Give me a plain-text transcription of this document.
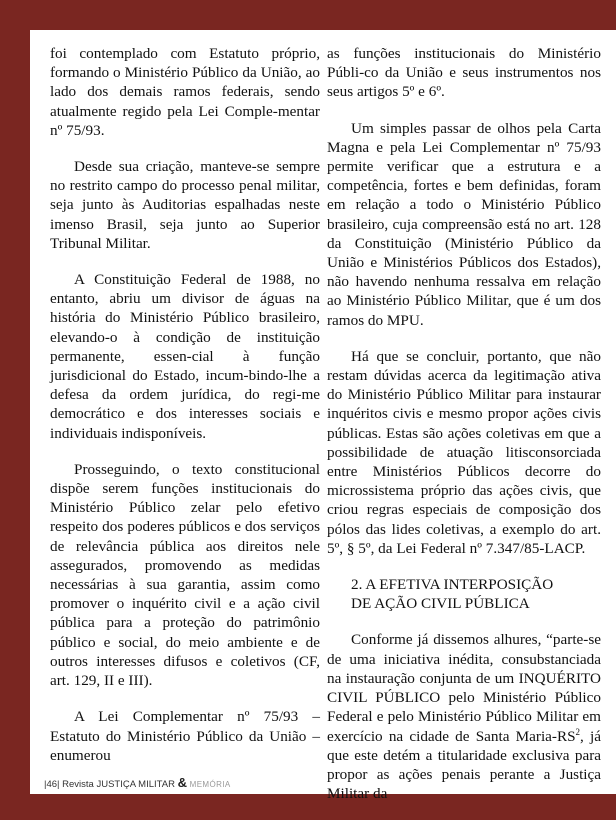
foi contemplado com Estatuto próprio, formando o Ministério Público da União, ao lado dos demais ramos federais, sendo atualmente regido pela Lei Comple-mentar nº 75/93.

Desde sua criação, manteve-se sempre no restrito campo do processo penal militar, seja junto às Auditorias espalhadas neste imenso Brasil, seja junto ao Superior Tribunal Militar.

A Constituição Federal de 1988, no entanto, abriu um divisor de águas na história do Ministério Público brasileiro, elevando-o à condição de instituição permanente, essen-cial à função jurisdicional do Estado, incum-bindo-lhe a defesa da ordem jurídica, do regi-me democrático e dos interesses sociais e individuais indisponíveis.

Prosseguindo, o texto constitucional dispõe serem funções institucionais do Ministério Público zelar pelo efetivo respeito dos poderes públicos e dos serviços de relevância pública aos direitos nele assegurados, promovendo as medidas necessárias à sua garantia, assim como promover o inquérito civil e a ação civil pública para a proteção do patrimônio público e social, do meio ambiente e de outros interesses difusos e coletivos (CF, art. 129, II e III).

A Lei Complementar nº 75/93 – Estatuto do Ministério Público da União – enumerou

as funções institucionais do Ministério Públi-co da União e seus instrumentos nos seus artigos 5º e 6º.

Um simples passar de olhos pela Carta Magna e pela Lei Complementar nº 75/93 permite verificar que a estrutura e a competência, fortes e bem definidas, foram em relação a todo o Ministério Público brasileiro, cuja compreensão está no art. 128 da Constituição (Ministério Público da União e Ministérios Públicos dos Estados), não havendo nenhuma ressalva em relação ao Ministério Público Militar, que é um dos ramos do MPU.

Há que se concluir, portanto, que não restam dúvidas acerca da legitimação ativa do Ministério Público Militar para instaurar inquéritos civis e mesmo propor ações civis públicas. Estas são ações coletivas em que a possibilidade de atuação litisconsorciada entre Ministérios Públicos decorre do microssistema próprio das ações civis, que criou regras especiais de composição dos pólos das lides coletivas, a exemplo do art. 5º, § 5º, da Lei Federal nº 7.347/85-LACP.

2. A EFETIVA INTERPOSIÇÃO
DE AÇÃO CIVIL PÚBLICA

Conforme já dissemos alhures, “parte-se de uma iniciativa inédita, consubstanciada na instauração conjunta de um INQUÉRITO CIVIL PÚBLICO pelo Ministério Público Federal e pelo Ministério Público Militar em exercício na cidade de Santa Maria-$RS^2$, já que este detém a titularidade exclusiva para propor as ações penais perante a Justiça Militar da

|46| Revista JUSTIÇA MILITAR & MEMÓRIA
